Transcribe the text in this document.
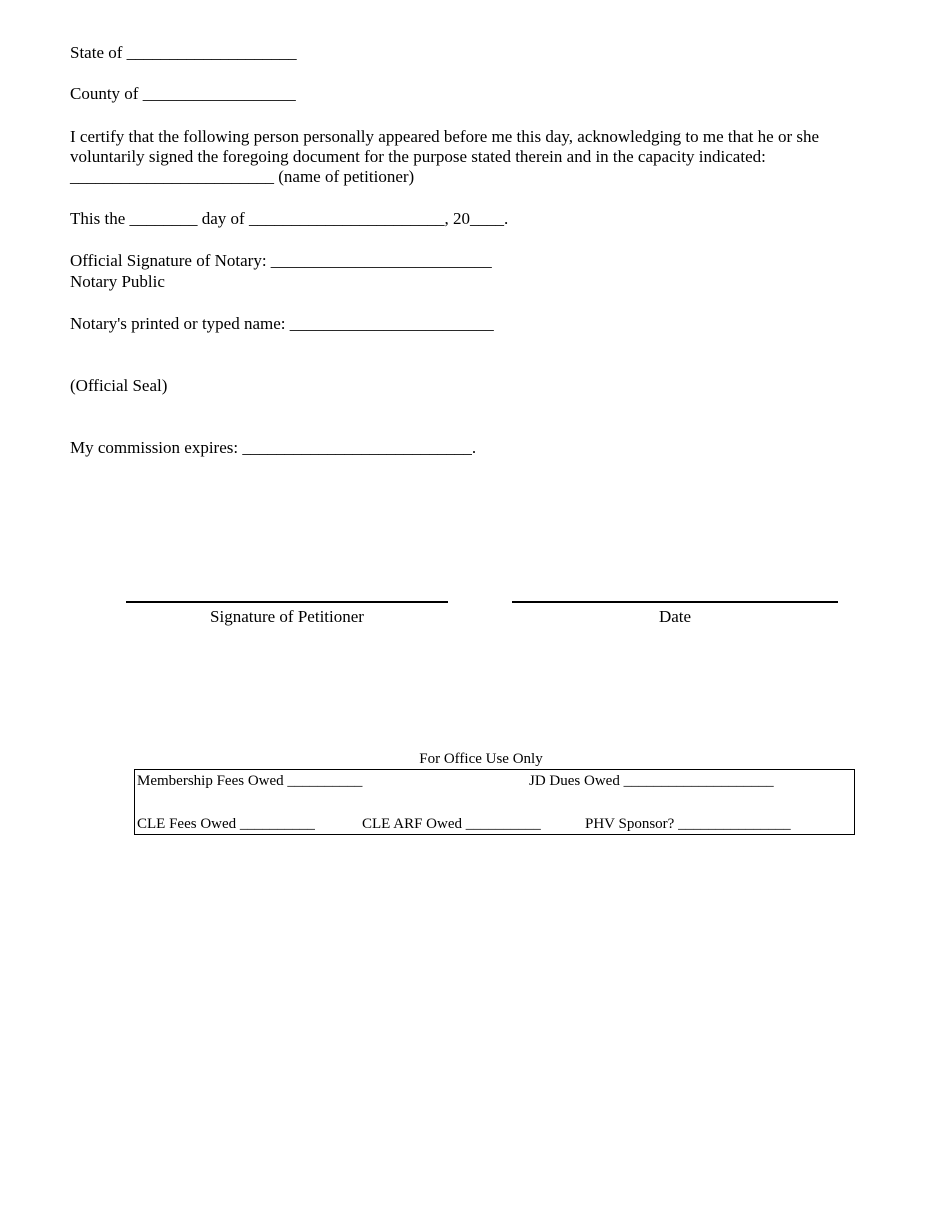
State of ____________________
County of __________________
I certify that the following person personally appeared before me this day, acknowledging to me that he or she
voluntarily signed the foregoing document for the purpose stated therein and in the capacity indicated:
________________________ (name of petitioner)
This the ________ day of _______________________, 20____.
Official Signature of Notary: __________________________
Notary Public
Notary's printed or typed name: ________________________
(Official Seal)
My commission expires: ___________________________.
Signature of Petitioner	Date
For Office Use Only
Membership Fees Owed __________	JD Dues Owed ____________________
CLE Fees Owed __________	CLE ARF Owed __________	PHV Sponsor? _______________
